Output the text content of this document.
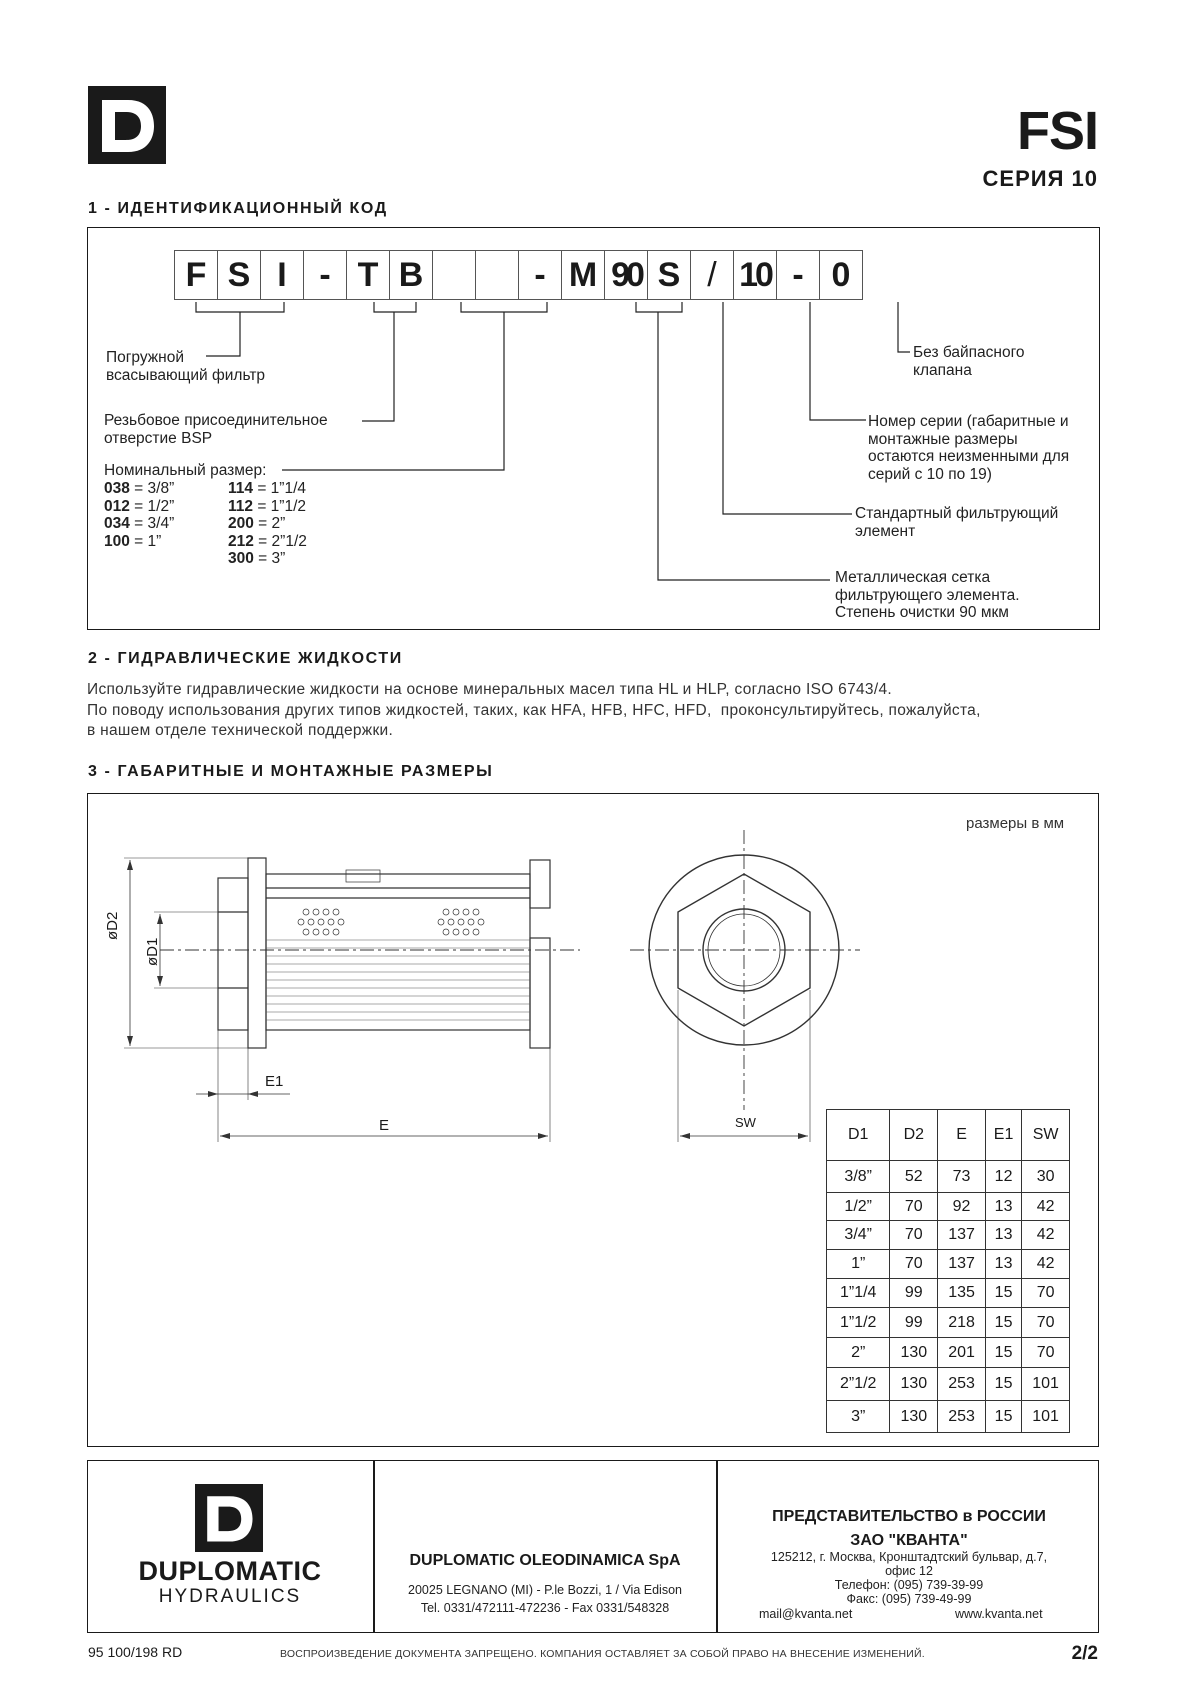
FSI
СЕРИЯ 10
1 - ИДЕНТИФИКАЦИОННЫЙ КОД
F S I - T B	- M 90 S / 10 - 0
Погружной
всасывающий фильтр
Резьбовое присоединительное
отверстие BSP
Номинальный размер:
038 = 3/8”
012 = 1/2”
034 = 3/4”
100 = 1”
114 = 1”1/4
112 = 1”1/2
200 = 2”
212 = 2”1/2
300 = 3”
Без байпасного
клапана
Номер серии (габаритные и
монтажные размеры
остаются неизменными для
серий с 10 по 19)
Стандартный фильтрующий
элемент
Металлическая сетка
фильтрующего элемента.
Степень очистки 90 мкм
2 - ГИДРАВЛИЧЕСКИЕ ЖИДКОСТИ
Используйте гидравлические жидкости на основе минеральных масел типа HL и HLP, согласно ISO 6743/4.
По поводу использования других типов жидкостей, таких, как HFA, HFB, HFC, HFD,  проконсультируйтесь, пожалуйста,
в нашем отделе технической поддержки.
3 - ГАБАРИТНЫЕ И МОНТАЖНЫЕ РАЗМЕРЫ
размеры в мм
øD2
øD1
E1
E	SW
D1	D2	E	E1	SW
3/8”	52	73	12	30
1/2”	70	92	13	42
3/4”	70	137	13	42
1”	70	137	13	42
1”1/4	99	135	15	70
1”1/2	99	218	15	70
2”	130	201	15	70
2”1/2	130	253	15	101
3”	130	253	15	101
DUPLOMATIC
HYDRAULICS
DUPLOMATIC OLEODINAMICA SpA
20025 LEGNANO (MI) - P.le Bozzi, 1 / Via Edison
Tel. 0331/472111-472236 - Fax 0331/548328
ПРЕДСТАВИТЕЛЬСТВО в РОССИИ
ЗАО "КВАНТА"
125212, г. Москва, Кронштадтский бульвар, д.7,
офис 12
Телефон: (095) 739-39-99
Факс: (095) 739-49-99
mail@kvanta.net	www.kvanta.net
95 100/198 RD	ВОСПРОИЗВЕДЕНИЕ ДОКУМЕНТА ЗАПРЕЩЕНО. КОМПАНИЯ ОСТАВЛЯЕТ ЗА СОБОЙ ПРАВО НА ВНЕСЕНИЕ ИЗМЕНЕНИЙ.	2/2
